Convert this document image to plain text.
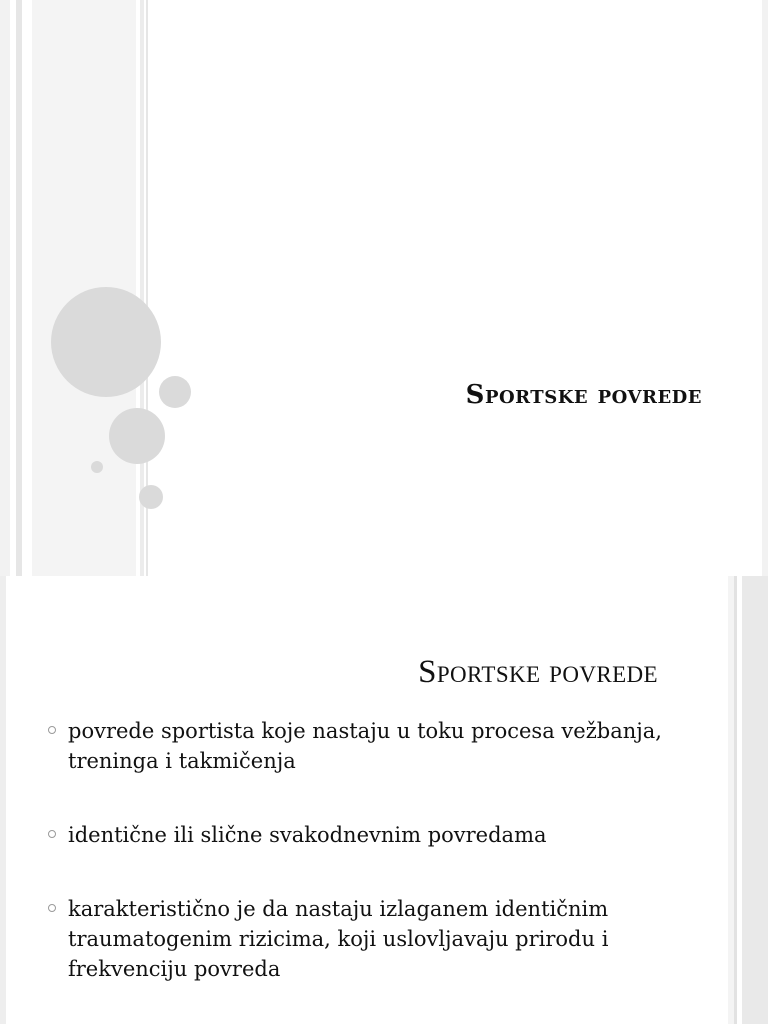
Sportske povrede
Sportske povrede
povrede sportista koje nastaju u toku procesa vežbanja, treninga i takmičenja
identične ili slične svakodnevnim povredama
karakteristično je da nastaju izlaganem identičnim traumatogenim rizicima, koji uslovljavaju prirodu i frekvenciju povreda
